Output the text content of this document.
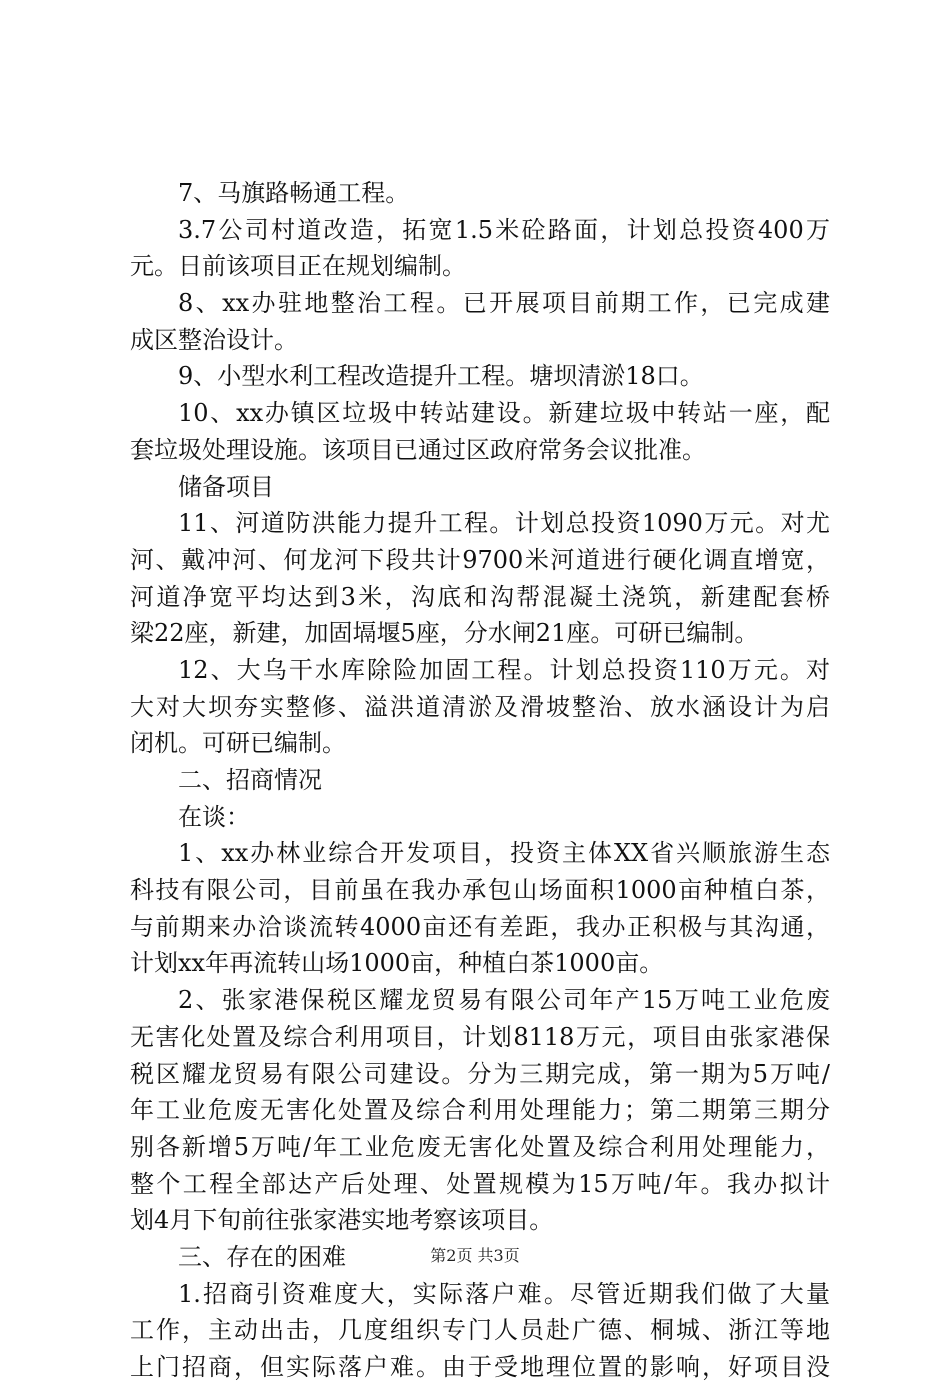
7、马旗路畅通工程。
3.7公司村道改造，拓宽1.5米砼路面，计划总投资400万
元。日前该项目正在规划编制。
8、xx办驻地整治工程。已开展项目前期工作，已完成建
成区整治设计。
9、小型水利工程改造提升工程。塘坝清淤18口。
10、xx办镇区垃圾中转站建设。新建垃圾中转站一座，配
套垃圾处理设施。该项目已通过区政府常务会议批准。
储备项目
11、河道防洪能力提升工程。计划总投资1090万元。对尤
河、戴冲河、何龙河下段共计9700米河道进行硬化调直增宽，
河道净宽平均达到3米，沟底和沟帮混凝土浇筑，新建配套桥
梁22座，新建，加固塥堰5座，分水闸21座。可研已编制。
12、大乌干水库除险加固工程。计划总投资110万元。对
大对大坝夯实整修、溢洪道清淤及滑坡整治、放水涵设计为启
闭机。可研已编制。
二、招商情况
在谈：
1、xx办林业综合开发项目，投资主体XX省兴顺旅游生态
科技有限公司，目前虽在我办承包山场面积1000亩种植白茶，
与前期来办洽谈流转4000亩还有差距，我办正积极与其沟通，
计划xx年再流转山场1000亩，种植白茶1000亩。
2、张家港保税区耀龙贸易有限公司年产15万吨工业危废
无害化处置及综合利用项目，计划8118万元，项目由张家港保
税区耀龙贸易有限公司建设。分为三期完成，第一期为5万吨/
年工业危废无害化处置及综合利用处理能力；第二期第三期分
别各新增5万吨/年工业危废无害化处置及综合利用处理能力，
整个工程全部达产后处理、处置规模为15万吨/年。我办拟计
划4月下旬前往张家港实地考察该项目。
三、存在的困难
1.招商引资难度大，实际落户难。尽管近期我们做了大量
工作，主动出击，几度组织专门人员赴广德、桐城、浙江等地
上门招商，但实际落户难。由于受地理位置的影响，好项目没
第2页 共3页
